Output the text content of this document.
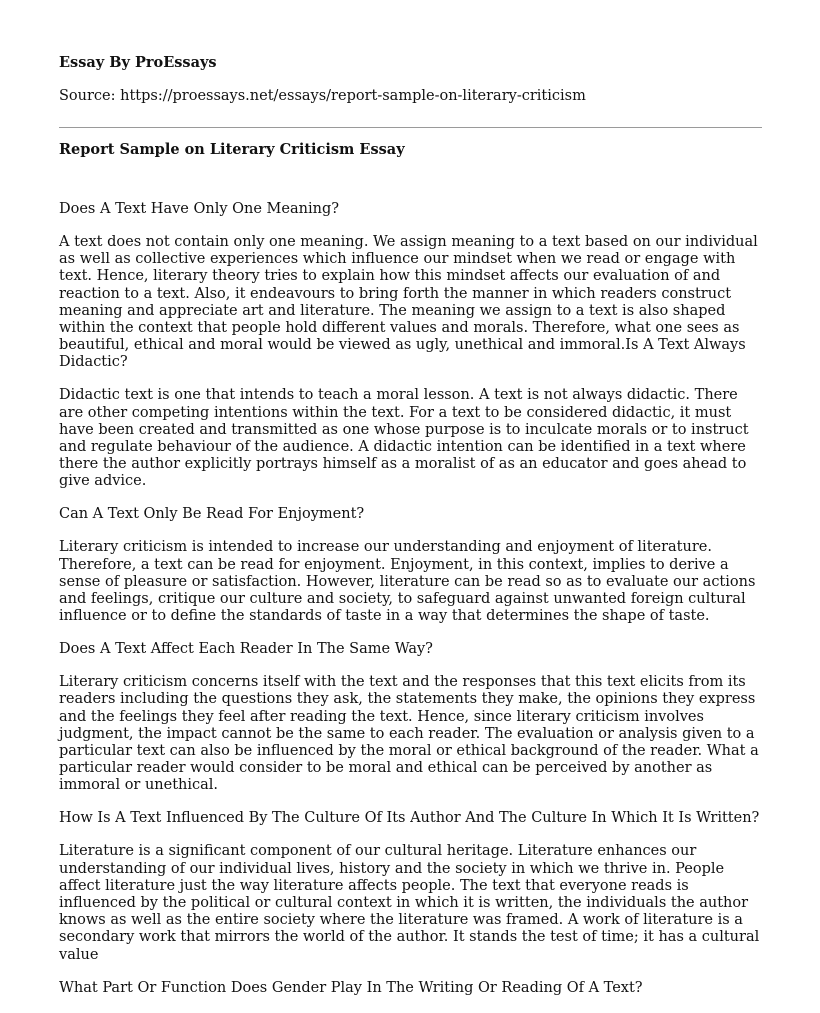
Essay By ProEssays
Source: https://proessays.net/essays/report-sample-on-literary-criticism
Report Sample on Literary Criticism Essay

Does A Text Have Only One Meaning?

A text does not contain only one meaning. We assign meaning to a text based on our individual as well as collective experiences which influence our mindset when we read or engage with text. Hence, literary theory tries to explain how this mindset affects our evaluation of and reaction to a text. Also, it endeavours to bring forth the manner in which readers construct meaning and appreciate art and literature. The meaning we assign to a text is also shaped within the context that people hold different values and morals. Therefore, what one sees as beautiful, ethical and moral would be viewed as ugly, unethical and immoral.Is A Text Always Didactic?

Didactic text is one that intends to teach a moral lesson. A text is not always didactic. There are other competing intentions within the text. For a text to be considered didactic, it must have been created and transmitted as one whose purpose is to inculcate morals or to instruct and regulate behaviour of the audience. A didactic intention can be identified in a text where there the author explicitly portrays himself as a moralist of as an educator and goes ahead to give advice.

Can A Text Only Be Read For Enjoyment?

Literary criticism is intended to increase our understanding and enjoyment of literature. Therefore, a text can be read for enjoyment. Enjoyment, in this context, implies to derive a sense of pleasure or satisfaction. However, literature can be read so as to evaluate our actions and feelings, critique our culture and society, to safeguard against unwanted foreign cultural influence or to define the standards of taste in a way that determines the shape of taste.

Does A Text Affect Each Reader In The Same Way?

Literary criticism concerns itself with the text and the responses that this text elicits from its readers including the questions they ask, the statements they make, the opinions they express and the feelings they feel after reading the text. Hence, since literary criticism involves judgment, the impact cannot be the same to each reader. The evaluation or analysis given to a particular text can also be influenced by the moral or ethical background of the reader. What a particular reader would consider to be moral and ethical can be perceived by another as immoral or unethical.

How Is A Text Influenced By The Culture Of Its Author And The Culture In Which It Is Written?

Literature is a significant component of our cultural heritage. Literature enhances our understanding of our individual lives, history and the society in which we thrive in. People affect literature just the way literature affects people. The text that everyone reads is influenced by the political or cultural context in which it is written, the individuals the author knows as well as the entire society where the literature was framed. A work of literature is a secondary work that mirrors the world of the author. It stands the test of time; it has a cultural value

What Part Or Function Does Gender Play In The Writing Or Reading Of A Text?
